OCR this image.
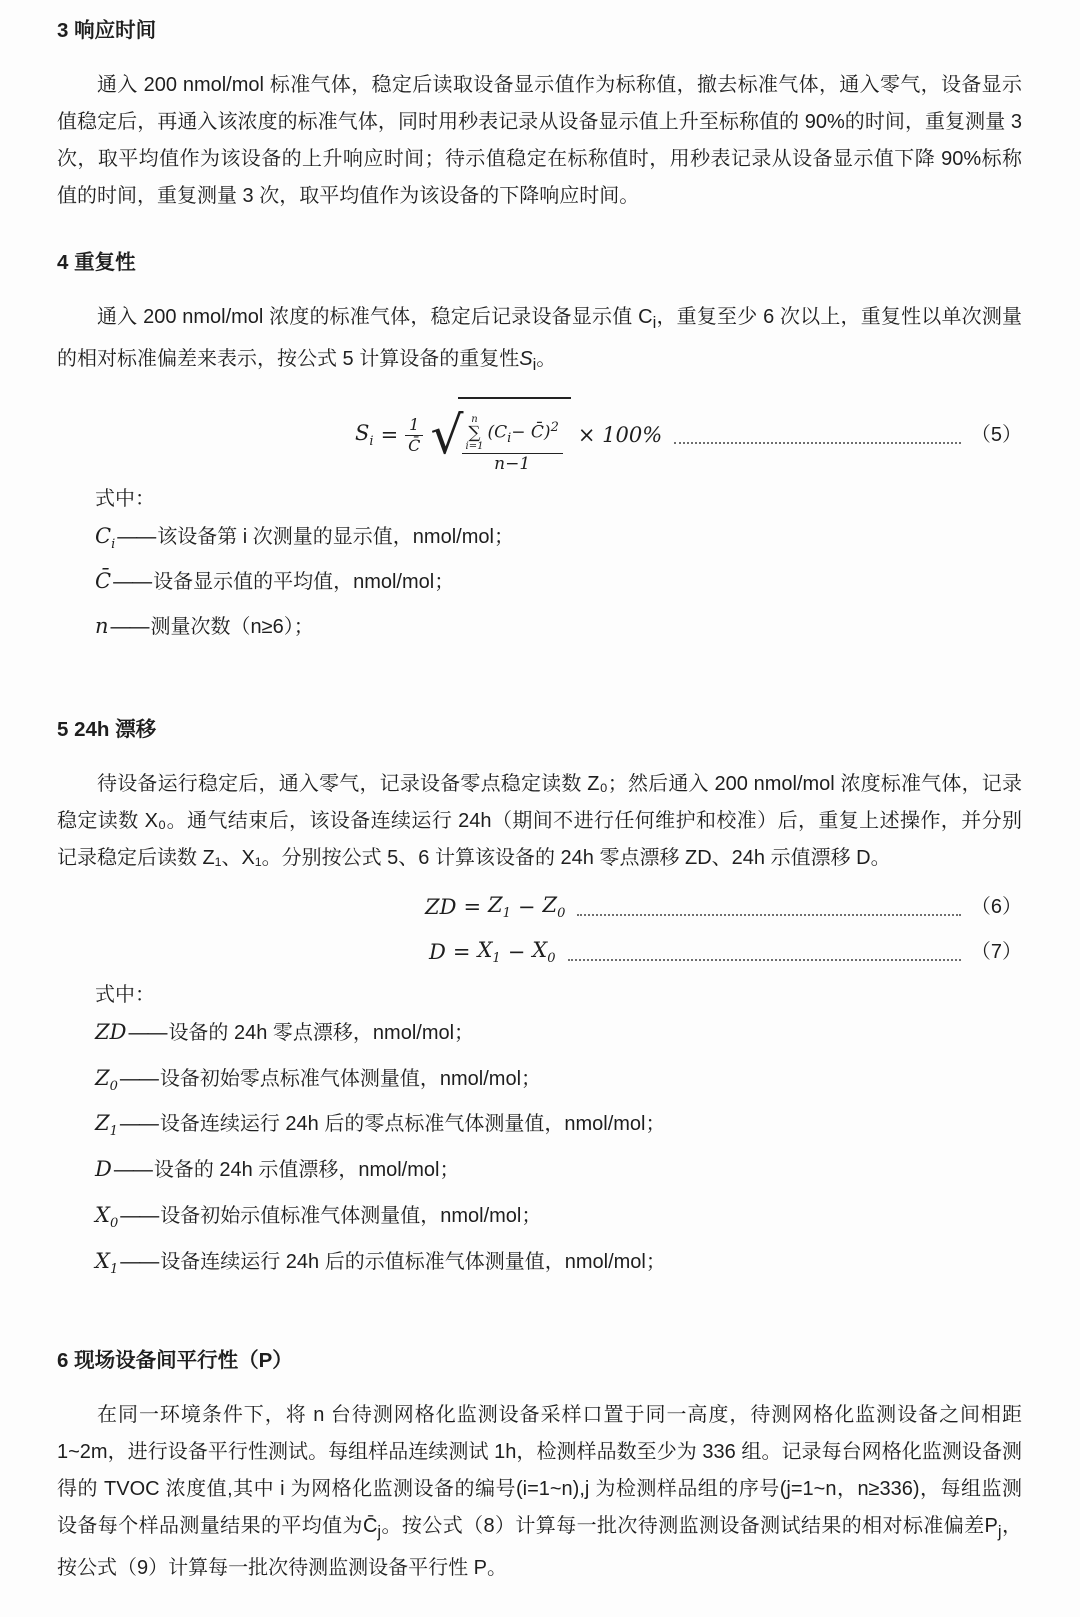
3 响应时间

通入 200 nmol/mol 标准气体，稳定后读取设备显示值作为标称值，撤去标准气体，通入零气，设备显示值稳定后，再通入该浓度的标准气体，同时用秒表记录从设备显示值上升至标称值的 90%的时间，重复测量 3 次，取平均值作为该设备的上升响应时间；待示值稳定在标称值时，用秒表记录从设备显示值下降 90%标称值的时间，重复测量 3 次，取平均值作为该设备的下降响应时间。

4 重复性

通入 200 nmol/mol 浓度的标准气体，稳定后记录设备显示值 $C_i$，重复至少 6 次以上，重复性以单次测量的相对标准偏差来表示，按公式 5 计算设备的重复性$S_i$。

$S_i = \frac{1}{C̄}$ √ n
∑
i=1
($C_i-$ C̄)$^2$
n−1
× 100%	（5）
式中：
$C_i$ —— 该设备第 i 次测量的显示值，nmol/mol；
C̄ —— 设备显示值的平均值，nmol/mol；
n —— 测量次数（n≥6）；
5 24h 漂移

待设备运行稳定后，通入零气，记录设备零点稳定读数 Z₀；然后通入 200 nmol/mol 浓度标准气体，记录稳定读数 X₀。通气结束后，该设备连续运行 24h（期间不进行任何维护和校准）后，重复上述操作，并分别记录稳定后读数 Z₁、X₁。分别按公式 5、6 计算该设备的 24h 零点漂移 ZD、24h 示值漂移 D。

ZD = $Z_1 - Z_0$	（6）
$D = X_1 - X_0$	（7）
式中：
ZD —— 设备的 24h 零点漂移，nmol/mol；
$Z_0$ —— 设备初始零点标准气体测量值，nmol/mol；
$Z_1$ —— 设备连续运行 24h 后的零点标准气体测量值，nmol/mol；
D —— 设备的 24h 示值漂移，nmol/mol；
$X_0$ —— 设备初始示值标准气体测量值，nmol/mol；
$X_1$ —— 设备连续运行 24h 后的示值标准气体测量值，nmol/mol；
6 现场设备间平行性（P）

在同一环境条件下，将 n 台待测网格化监测设备采样口置于同一高度，待测网格化监测设备之间相距 1~2m，进行设备平行性测试。每组样品连续测试 1h，检测样品数至少为 336 组。记录每台网格化监测设备测得的 TVOC 浓度值,其中 i 为网格化监测设备的编号(i=1~n),j 为检测样品组的序号(j=1~n，n≥336)，每组监测设备每个样品测量结果的平均值为$C̄_j$。按公式（8）计算每一批次待测监测设备测试结果的相对标准偏差$P_j$，按公式（9）计算每一批次待测监测设备平行性 P。
